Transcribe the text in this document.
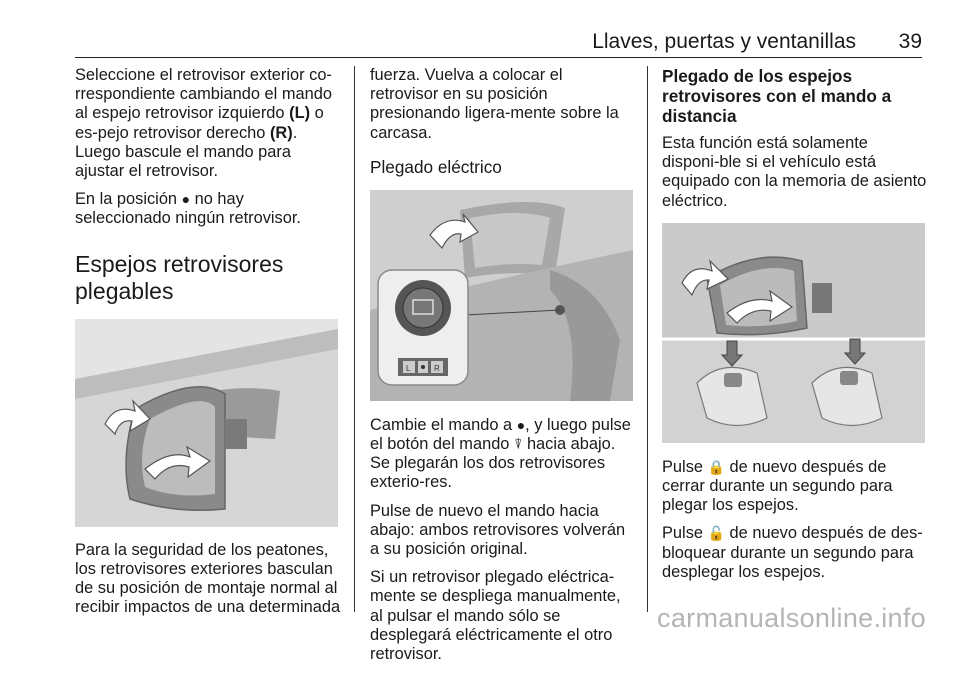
Llaves, puertas y ventanillas 39

Seleccione el retrovisor exterior co-rrespondiente cambiando el mando al espejo retrovisor izquierdo (L) o es-pejo retrovisor derecho (R). Luego bascule el mando para ajustar el retrovisor.

En la posición ● no hay seleccionado ningún retrovisor.

Espejos retrovisores plegables

Para la seguridad de los peatones, los retrovisores exteriores basculan de su posición de montaje normal al recibir impactos de una determinada

fuerza. Vuelva a colocar el retrovisor en su posición presionando ligera-mente sobre la carcasa.

Plegado eléctrico
L	R

Cambie el mando a ●, y luego pulse el botón del mando ⍒ hacia abajo. Se plegarán los dos retrovisores exterio-res.

Pulse de nuevo el mando hacia abajo: ambos retrovisores volverán a su posición original.

Si un retrovisor plegado eléctrica-mente se despliega manualmente, al pulsar el mando sólo se desplegará eléctricamente el otro retrovisor.

Plegado de los espejos retrovisores con el mando a distancia

Esta función está solamente disponi-ble si el vehículo está equipado con la memoria de asiento eléctrico.

Pulse 🔒 de nuevo después de cerrar durante un segundo para plegar los espejos.

Pulse 🔓 de nuevo después de des-bloquear durante un segundo para desplegar los espejos.

carmanualsonline.info
